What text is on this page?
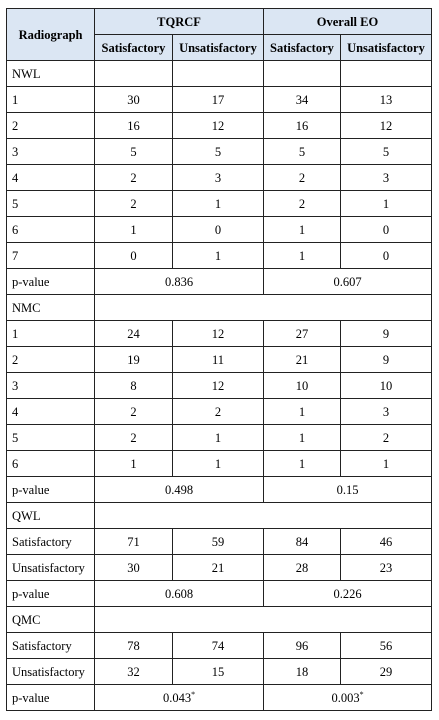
Radiograph	TQRCF		Overall EO	
	Satisfactory	Unsatisfactory	Satisfactory	Unsatisfactory
NWL				
1	30	17	34	13
2	16	12	16	12
3	5	5	5	5
4	2	3	2	3
5	2	1	2	1
6	1	0	1	0
7	0	1	1	0
p-value	0.836		0.607	
NMC				
1	24	12	27	9
2	19	11	21	9
3	8	12	10	10
4	2	2	1	3
5	2	1	1	2
6	1	1	1	1
p-value	0.498		0.15	
QWL				
Satisfactory	71	59	84	46
Unsatisfactory	30	21	28	23
p-value	0.608		0.226	
QMC				
Satisfactory	78	74	96	56
Unsatisfactory	32	15	18	29
p-value	0.043*		0.003*
